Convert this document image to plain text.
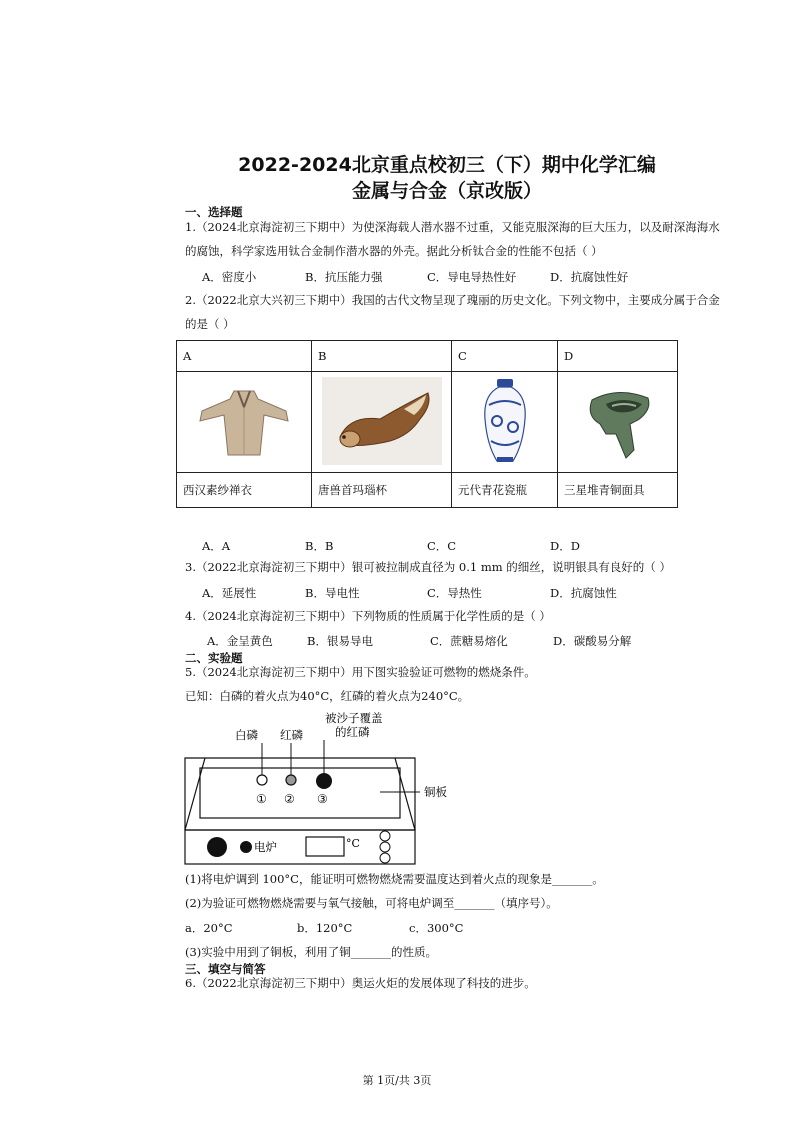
2022-2024北京重点校初三（下）期中化学汇编
金属与合金（京改版）
一、选择题
1.（2024北京海淀初三下期中）为使深海载人潜水器不过重，又能克服深海的巨大压力，以及耐深海海水
的腐蚀，科学家选用钛合金制作潜水器的外壳。据此分析钛合金的性能不包括（ ）
A．密度小	B．抗压能力强	C．导电导热性好	D．抗腐蚀性好
2.（2022北京大兴初三下期中）我国的古代文物呈现了瑰丽的历史文化。下列文物中，主要成分属于合金
的是（ ）
A	B	C	D

西汉素纱禅衣	唐兽首玛瑙杯	元代青花瓷瓶	三星堆青铜面具
A．A	B．B	C．C	D．D
3.（2022北京海淀初三下期中）银可被拉制成直径为 0.1 mm 的细丝，说明银具有良好的（ ）
A．延展性	B．导电性	C．导热性	D．抗腐蚀性
4.（2024北京海淀初三下期中）下列物质的性质属于化学性质的是（ ）
A．金呈黄色	B．银易导电	C．蔗糖易熔化	D．碳酸易分解
二、实验题
5.（2024北京海淀初三下期中）用下图实验验证可燃物的燃烧条件。
已知：白磷的着火点为40°C，红磷的着火点为240°C。
白磷 红磷
被沙子覆盖
的红磷
① ② ③	铜板
电炉	°C
(1)将电炉调到 100°C，能证明可燃物燃烧需要温度达到着火点的现象是_______。
(2)为验证可燃物燃烧需要与氧气接触，可将电炉调至_______（填序号）。
a．20°C	b．120°C	c．300°C
(3)实验中用到了铜板，利用了铜_______的性质。
三、填空与简答
6.（2022北京海淀初三下期中）奥运火炬的发展体现了科技的进步。
第 1页/共 3页
